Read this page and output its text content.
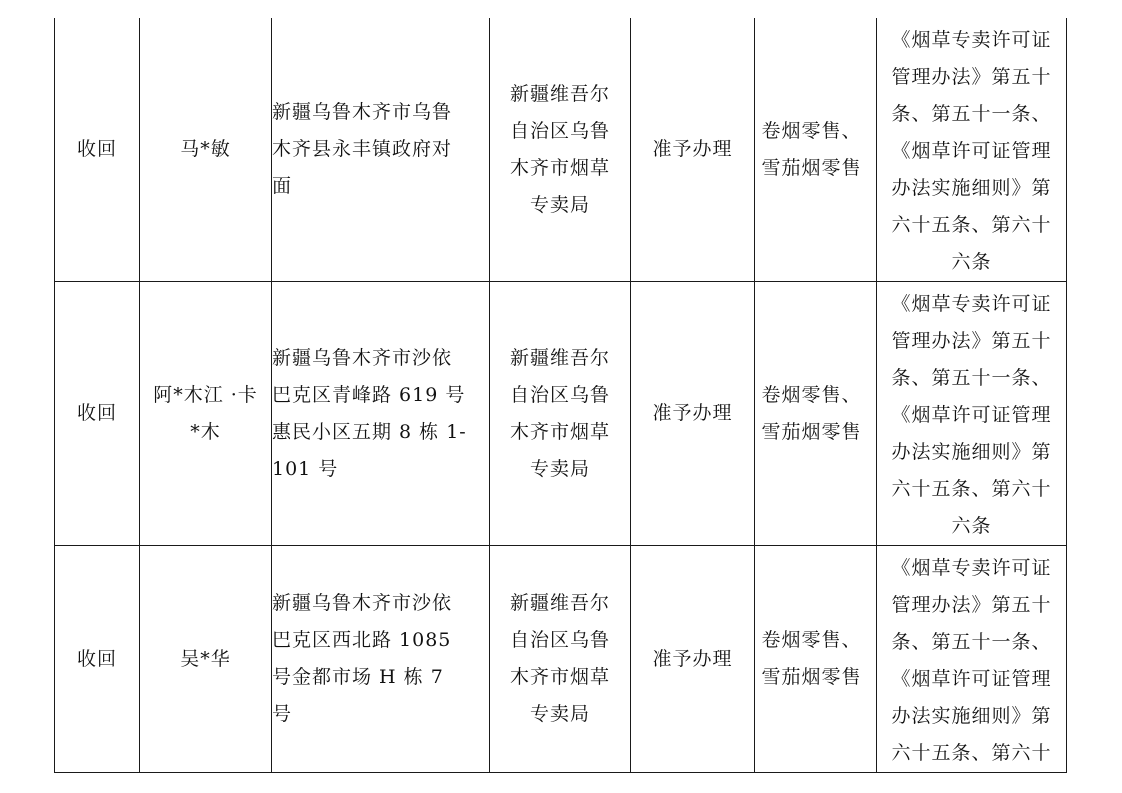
收回	马*敏	新疆乌鲁木齐市乌鲁木齐县永丰镇政府对面	新疆维吾尔自治区乌鲁木齐市烟草专卖局	准予办理	卷烟零售、雪茄烟零售	《烟草专卖许可证管理办法》第五十条、第五十一条、《烟草许可证管理办法实施细则》第六十五条、第六十六条

收回	阿*木江 ·卡*木	新疆乌鲁木齐市沙依巴克区青峰路 619 号惠民小区五期 8 栋 1-101 号	新疆维吾尔自治区乌鲁木齐市烟草专卖局	准予办理	卷烟零售、雪茄烟零售	《烟草专卖许可证管理办法》第五十条、第五十一条、《烟草许可证管理办法实施细则》第六十五条、第六十六条

收回	吴*华	新疆乌鲁木齐市沙依巴克区西北路 1085 号金都市场 H 栋 7 号	新疆维吾尔自治区乌鲁木齐市烟草专卖局	准予办理	卷烟零售、雪茄烟零售	《烟草专卖许可证管理办法》第五十条、第五十一条、《烟草许可证管理办法实施细则》第六十五条、第六十
